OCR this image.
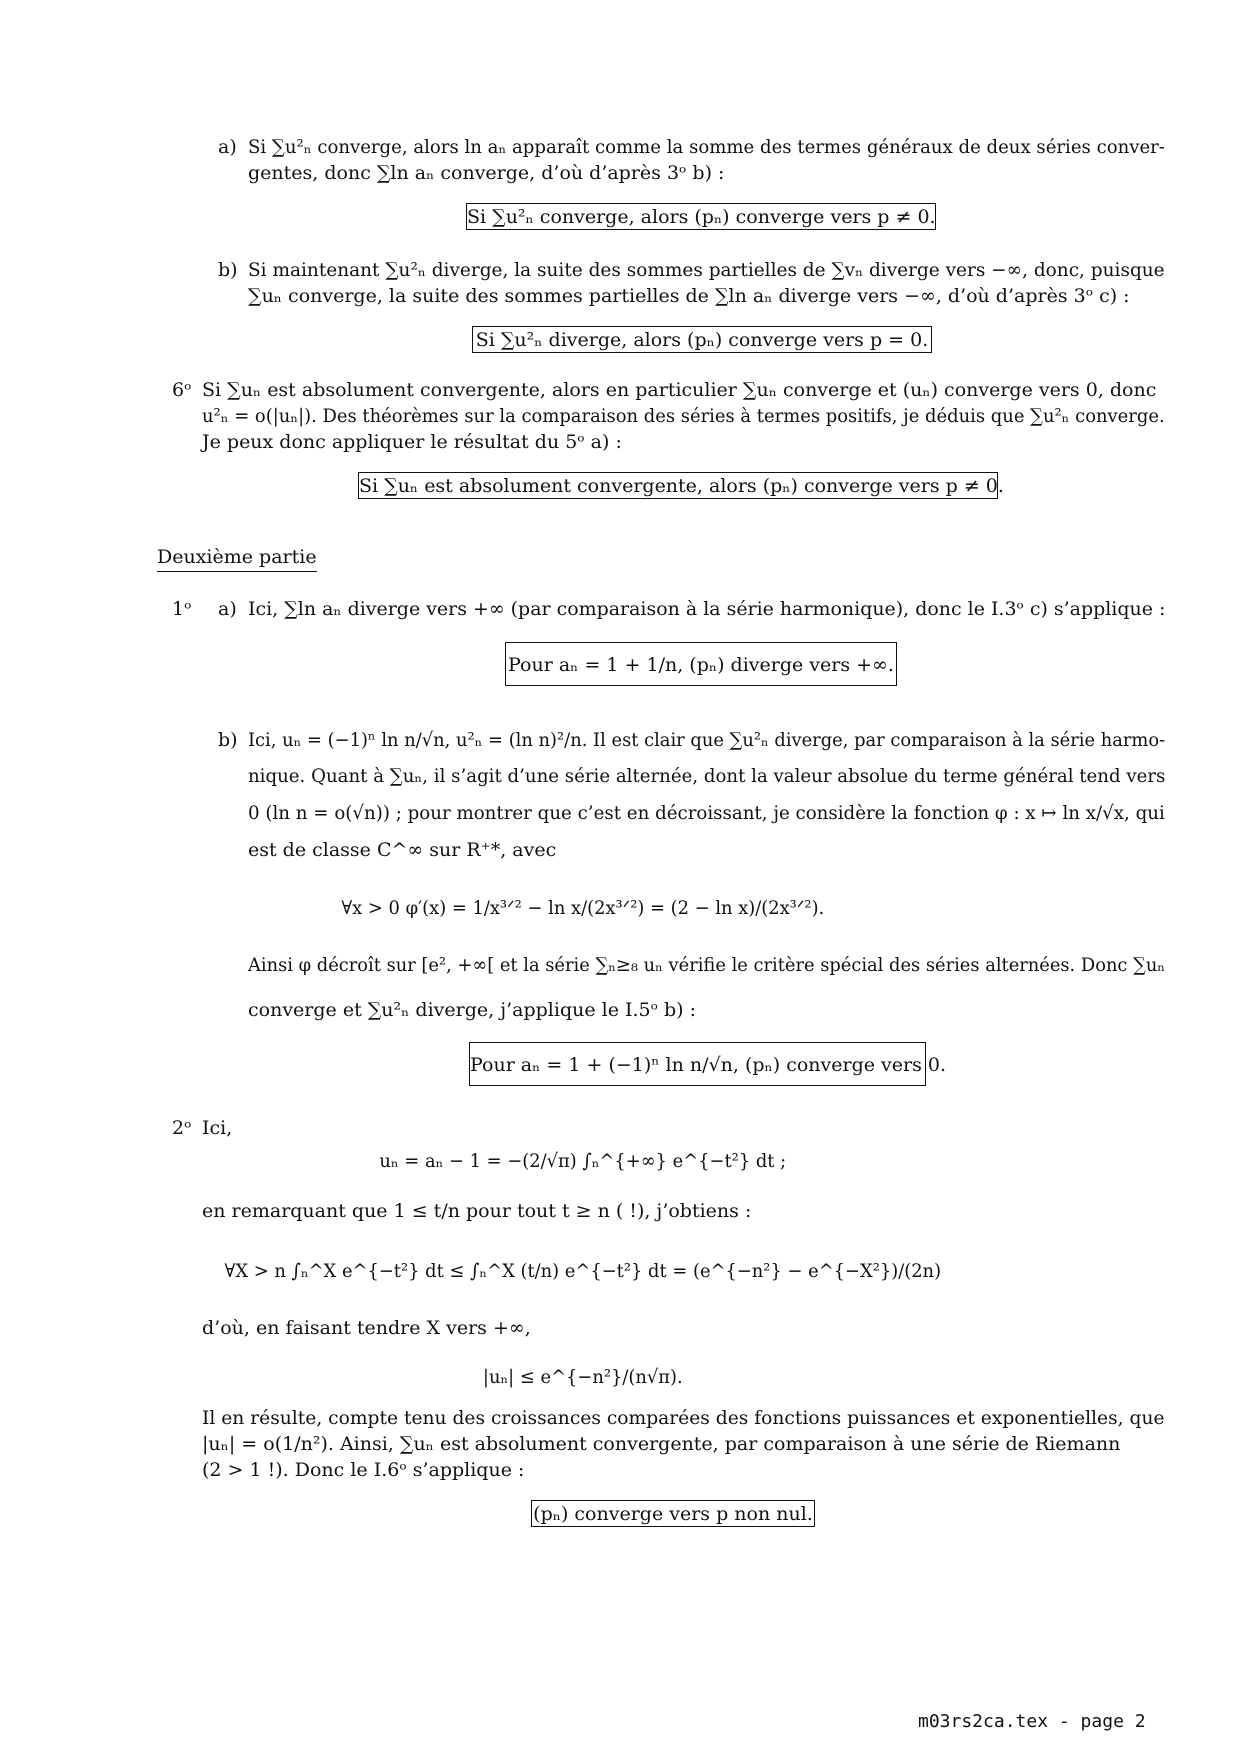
a) Si ∑u²ₙ converge, alors ln aₙ apparaît comme la somme des termes généraux de deux séries conver-
gentes, donc ∑ln aₙ converge, d’où d’après 3ᵒ b) :
Si ∑u²ₙ converge, alors (pₙ) converge vers p ≠ 0.
b) Si maintenant ∑u²ₙ diverge, la suite des sommes partielles de ∑vₙ diverge vers −∞, donc, puisque
∑uₙ converge, la suite des sommes partielles de ∑ln aₙ diverge vers −∞, d’où d’après 3ᵒ c) :
Si ∑u²ₙ diverge, alors (pₙ) converge vers p = 0.
6ᵒ Si ∑uₙ est absolument convergente, alors en particulier ∑uₙ converge et (uₙ) converge vers 0, donc
u²ₙ = o(|uₙ|). Des théorèmes sur la comparaison des séries à termes positifs, je déduis que ∑u²ₙ converge.
Je peux donc appliquer le résultat du 5ᵒ a) :
Si ∑uₙ est absolument convergente, alors (pₙ) converge vers p ≠ 0.
Deuxième partie
1ᵒ a) Ici, ∑ln aₙ diverge vers +∞ (par comparaison à la série harmonique), donc le I.3ᵒ c) s’applique :
Pour aₙ = 1 + 1/n, (pₙ) diverge vers +∞.
b) Ici, uₙ = (−1)ⁿ ln n/√n, u²ₙ = (ln n)²/n. Il est clair que ∑u²ₙ diverge, par comparaison à la série harmo-
nique. Quant à ∑uₙ, il s’agit d’une série alternée, dont la valeur absolue du terme général tend vers
0 (ln n = o(√n)) ; pour montrer que c’est en décroissant, je considère la fonction φ : x ↦ ln x/√x, qui
est de classe C^∞ sur R⁺*, avec
∀x > 0 φ′(x) = 1/x³ᐟ² − ln x/(2x³ᐟ²) = (2 − ln x)/(2x³ᐟ²).
Ainsi φ décroît sur [e², +∞[ et la série ∑ₙ≥₈ uₙ vérifie le critère spécial des séries alternées. Donc ∑uₙ
converge et ∑u²ₙ diverge, j’applique le I.5ᵒ b) :
Pour aₙ = 1 + (−1)ⁿ ln n/√n, (pₙ) converge vers 0.
2ᵒ Ici,
uₙ = aₙ − 1 = −(2/√π) ∫ₙ^{+∞} e^{−t²} dt ;
en remarquant que 1 ≤ t/n pour tout t ≥ n ( !), j’obtiens :
∀X > n ∫ₙ^X e^{−t²} dt ≤ ∫ₙ^X (t/n) e^{−t²} dt = (e^{−n²} − e^{−X²})/(2n)
d’où, en faisant tendre X vers +∞,
|uₙ| ≤ e^{−n²}/(n√π).
Il en résulte, compte tenu des croissances comparées des fonctions puissances et exponentielles, que
|uₙ| = o(1/n²). Ainsi, ∑uₙ est absolument convergente, par comparaison à une série de Riemann
(2 > 1 !). Donc le I.6ᵒ s’applique :
(pₙ) converge vers p non nul.
m03rs2ca.tex - page 2
